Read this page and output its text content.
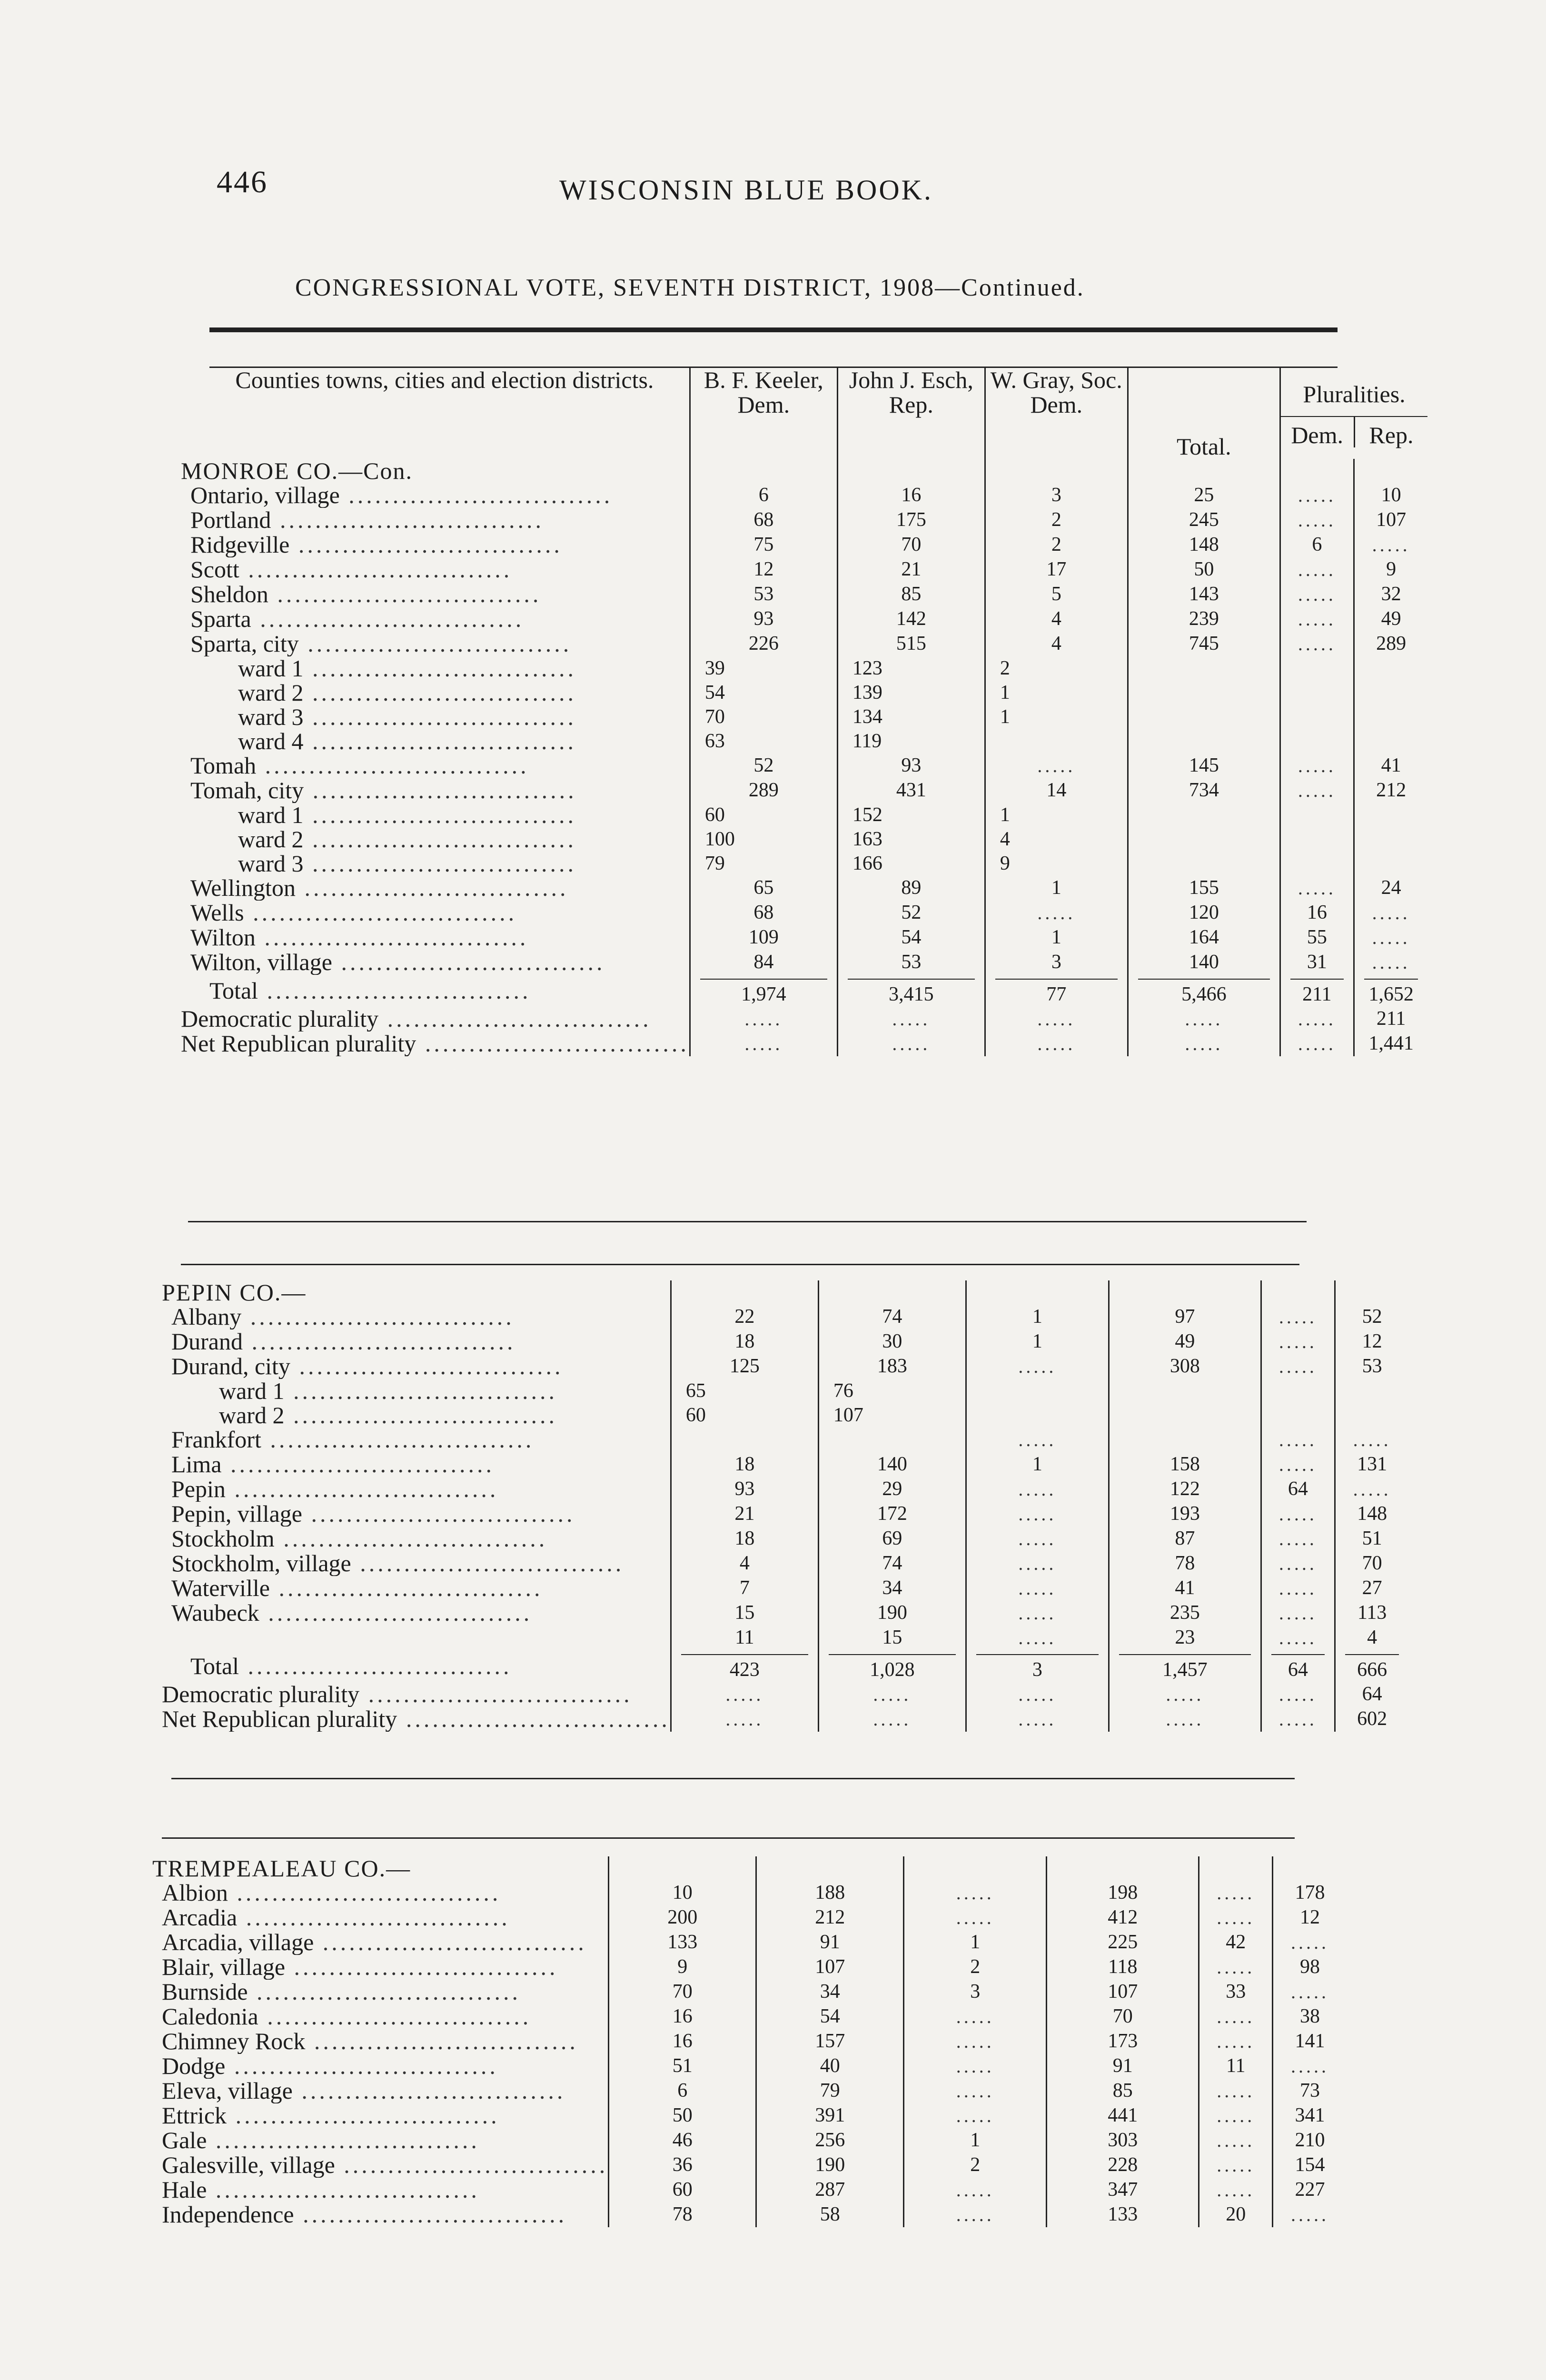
446	WISCONSIN BLUE BOOK.
CONGRESSIONAL VOTE, SEVENTH DISTRICT, 1908—Continued.
Counties towns, cities and election districts.	B. F. Keeler, Dem.	John J. Esch, Rep.	W. Gray, Soc. Dem.	Total.	Pluralities.
Dem. Rep.	

MONROE CO.—Con.						
Ontario, village ..............................	6	16	3	25	.....	10
Portland ..............................	68	175	2	245	.....	107
Ridgeville ..............................	75	70	2	148	6	.....
Scott ..............................	12	21	17	50	.....	9
Sheldon ..............................	53	85	5	143	.....	32
Sparta ..............................	93	142	4	239	.....	49
Sparta, city ..............................	226	515	4	745	.....	289
ward 1 ..............................	39	123	2			
ward 2 ..............................	54	139	1			
ward 3 ..............................	70	134	1			
ward 4 ..............................	63	119				
Tomah ..............................	52	93	.....	145	.....	41
Tomah, city ..............................	289	431	14	734	.....	212
ward 1 ..............................	60	152	1			
ward 2 ..............................	100	163	4			
ward 3 ..............................	79	166	9			
Wellington ..............................	65	89	1	155	.....	24
Wells ..............................	68	52	.....	120	16	.....
Wilton ..............................	109	54	1	164	55	.....
Wilton, village ..............................	84	53	3	140	31	.....
Total ..............................	1,974	3,415	77	5,466	211	1,652

Democratic plurality ..............................	.....	.....	.....	.....	.....	211
Net Republican plurality ..............................	.....	.....	.....	.....	.....	1,441
PEPIN CO.—						
Albany ..............................	22	74	1	97	.....	52
Durand ..............................	18	30	1	49	.....	12
Durand, city ..............................	125	183	.....	308	.....	53
ward 1 ..............................	65	76				
ward 2 ..............................	60	107				
Frankfort ..............................			.....		.....	.....
Lima ..............................	18	140	1	158	.....	131
Pepin ..............................	93	29	.....	122	64	.....
Pepin, village ..............................	21	172	.....	193	.....	148
Stockholm ..............................	18	69	.....	87	.....	51
Stockholm, village ..............................	4	74	.....	78	.....	70
Waterville ..............................	7	34	.....	41	.....	27
Waubeck ..............................	15	190	.....	235	.....	113
	11	15	.....	23	.....	4
Total ..............................	423	1,028	3	1,457	64	666

Democratic plurality ..............................	.....	.....	.....	.....	.....	64
Net Republican plurality ..............................	.....	.....	.....	.....	.....	602
TREMPEALEAU CO.—						
Albion ..............................	10	188	.....	198	.....	178
Arcadia ..............................	200	212	.....	412	.....	12
Arcadia, village ..............................	133	91	1	225	42	.....
Blair, village ..............................	9	107	2	118	.....	98
Burnside ..............................	70	34	3	107	33	.....
Caledonia ..............................	16	54	.....	70	.....	38
Chimney Rock ..............................	16	157	.....	173	.....	141
Dodge ..............................	51	40	.....	91	11	.....
Eleva, village ..............................	6	79	.....	85	.....	73
Ettrick ..............................	50	391	.....	441	.....	341
Gale ..............................	46	256	1	303	.....	210
Galesville, village ..............................	36	190	2	228	.....	154
Hale ..............................	60	287	.....	347	.....	227
Independence ..............................	78	58	.....	133	20	.....
